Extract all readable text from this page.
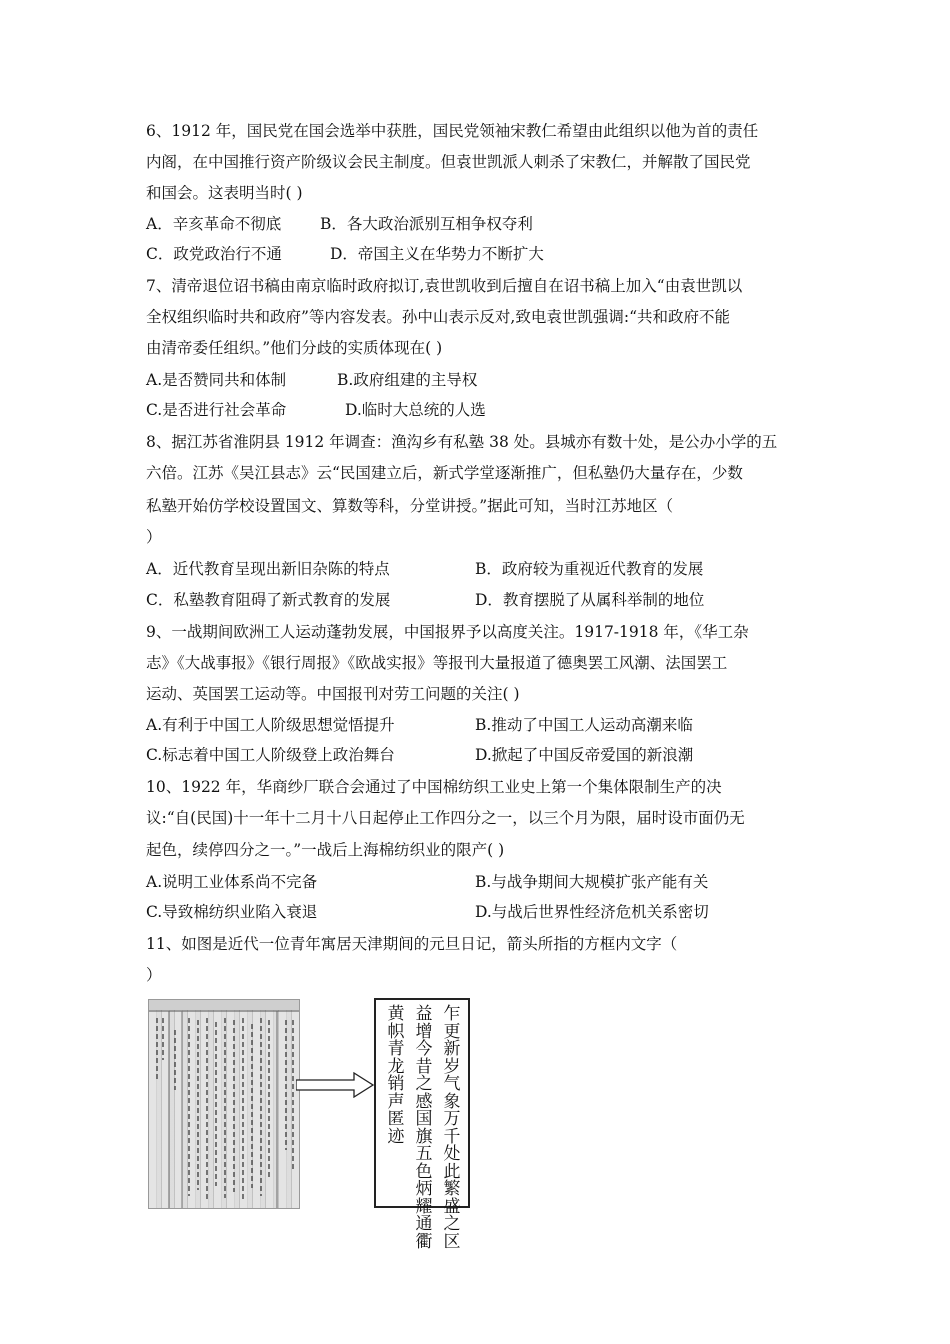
6、1912 年，国民党在国会选举中获胜，国民党领袖宋教仁希望由此组织以他为首的责任
内阁，在中国推行资产阶级议会民主制度。但袁世凯派人刺杀了宋教仁，并解散了国民党
和国会。这表明当时( )
A．辛亥革命不彻底	B．各大政治派别互相争权夺利
C．政党政治行不通	D．帝国主义在华势力不断扩大
7、清帝退位诏书稿由南京临时政府拟订,袁世凯收到后擅自在诏书稿上加入“由袁世凯以
全权组织临时共和政府”等内容发表。孙中山表示反对,致电袁世凯强调:“共和政府不能
由清帝委任组织。”他们分歧的实质体现在( )
A.是否赞同共和体制	B.政府组建的主导权
C.是否进行社会革命	D.临时大总统的人选
8、据江苏省淮阴县 1912 年调查：渔沟乡有私塾 38 处。县城亦有数十处，是公办小学的五
六倍。江苏《吴江县志》云“民国建立后，新式学堂逐渐推广，但私塾仍大量存在，少数
私塾开始仿学校设置国文、算数等科，分堂讲授。”据此可知，当时江苏地区（
）
A．近代教育呈现出新旧杂陈的特点	B．政府较为重视近代教育的发展
C．私塾教育阻碍了新式教育的发展	D．教育摆脱了从属科举制的地位
9、一战期间欧洲工人运动蓬勃发展，中国报界予以高度关注。1917-1918 年，《华工杂
志》《大战事报》《银行周报》《欧战实报》等报刊大量报道了德奥罢工风潮、法国罢工
运动、英国罢工运动等。中国报刊对劳工问题的关注( )
A.有利于中国工人阶级思想觉悟提升	B.推动了中国工人运动高潮来临
C.标志着中国工人阶级登上政治舞台	D.掀起了中国反帝爱国的新浪潮
10、1922 年，华商纱厂联合会通过了中国棉纺织工业史上第一个集体限制生产的决
议:“自(民国)十一年十二月十八日起停止工作四分之一，以三个月为限，届时设市面仍无
起色，续停四分之一。”一战后上海棉纺织业的限产( )
A.说明工业体系尚不完备	B.与战争期间大规模扩张产能有关
C.导致棉纺织业陷入衰退	D.与战后世界性经济危机关系密切
11、如图是近代一位青年寓居天津期间的元旦日记，箭头所指的方框内文字（
）
乍更新岁气象万千处此繁盛之区
益增今昔之感国旗五色炳耀通衢
黄帜青龙销声匿迹
